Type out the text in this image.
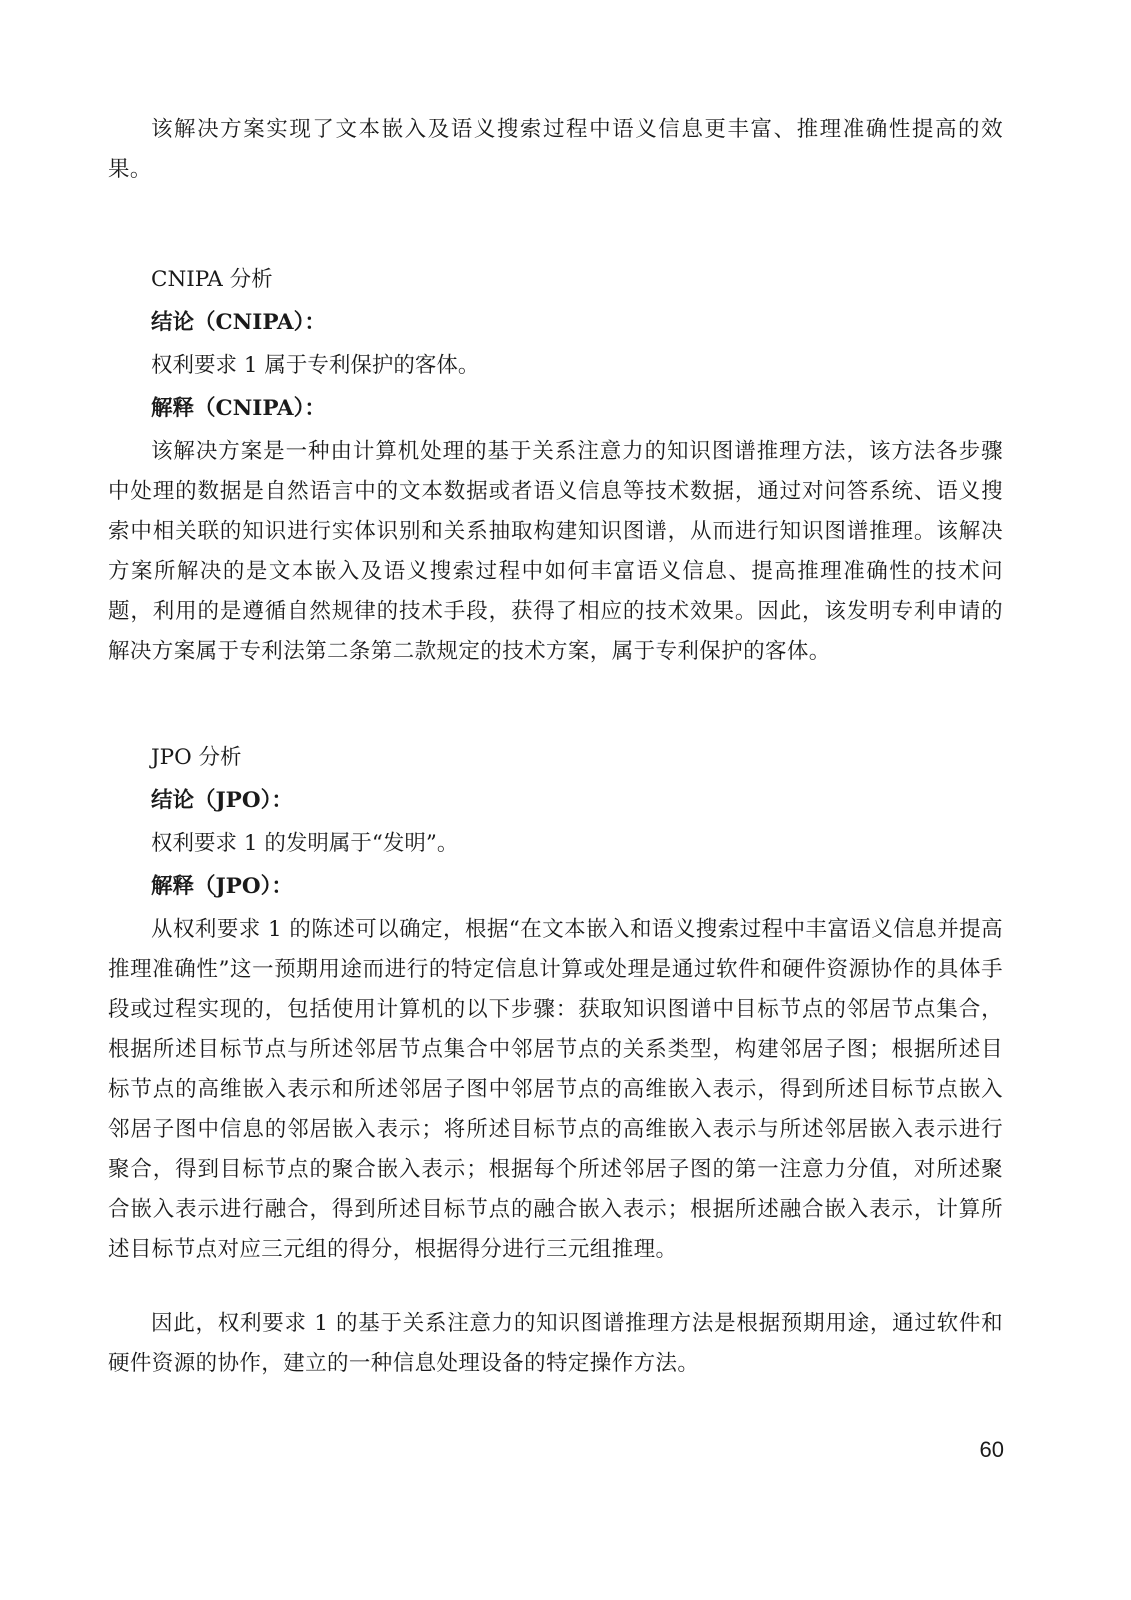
该解决方案实现了文本嵌入及语义搜索过程中语义信息更丰富、推理准确性提高的效果。

CNIPA 分析
结论（CNIPA）：
权利要求 1 属于专利保护的客体。
解释（CNIPA）：

该解决方案是一种由计算机处理的基于关系注意力的知识图谱推理方法，该方法各步骤中处理的数据是自然语言中的文本数据或者语义信息等技术数据，通过对问答系统、语义搜索中相关联的知识进行实体识别和关系抽取构建知识图谱，从而进行知识图谱推理。该解决方案所解决的是文本嵌入及语义搜索过程中如何丰富语义信息、提高推理准确性的技术问题，利用的是遵循自然规律的技术手段，获得了相应的技术效果。因此，该发明专利申请的解决方案属于专利法第二条第二款规定的技术方案，属于专利保护的客体。

JPO 分析
结论（JPO）：
权利要求 1 的发明属于“发明”。
解释（JPO）：

从权利要求 1 的陈述可以确定，根据“在文本嵌入和语义搜索过程中丰富语义信息并提高推理准确性”这一预期用途而进行的特定信息计算或处理是通过软件和硬件资源协作的具体手段或过程实现的，包括使用计算机的以下步骤：获取知识图谱中目标节点的邻居节点集合，根据所述目标节点与所述邻居节点集合中邻居节点的关系类型，构建邻居子图；根据所述目标节点的高维嵌入表示和所述邻居子图中邻居节点的高维嵌入表示，得到所述目标节点嵌入邻居子图中信息的邻居嵌入表示；将所述目标节点的高维嵌入表示与所述邻居嵌入表示进行聚合，得到目标节点的聚合嵌入表示；根据每个所述邻居子图的第一注意力分值，对所述聚合嵌入表示进行融合，得到所述目标节点的融合嵌入表示；根据所述融合嵌入表示，计算所述目标节点对应三元组的得分，根据得分进行三元组推理。

因此，权利要求 1 的基于关系注意力的知识图谱推理方法是根据预期用途，通过软件和硬件资源的协作，建立的一种信息处理设备的特定操作方法。

60
